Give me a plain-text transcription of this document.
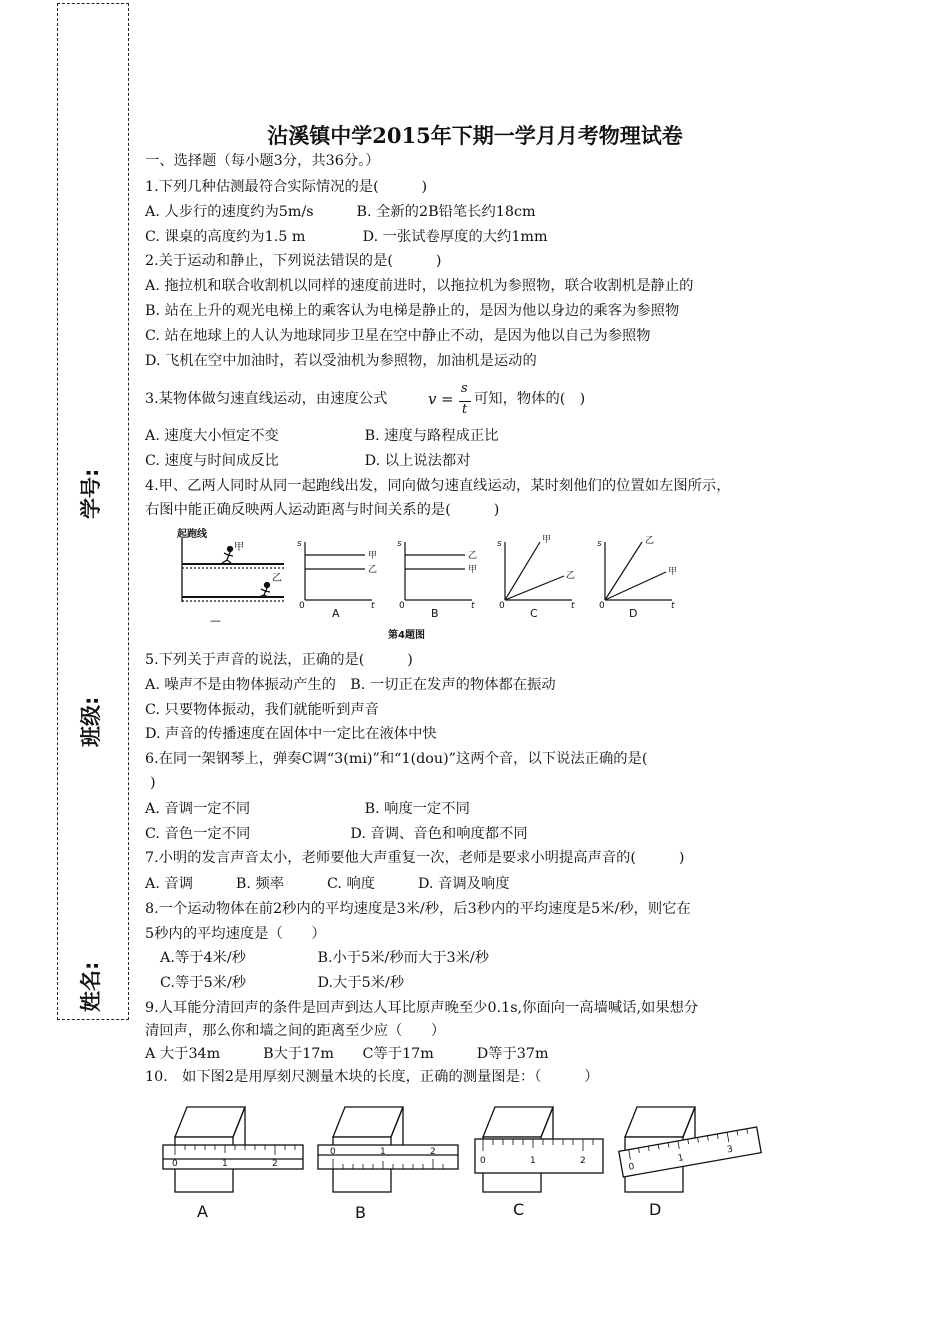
学号:
班级:
姓名:
沾溪镇中学2015年下期一学月月考物理试卷
一、选择题（每小题3分，共36分。）
1.下列几种估测最符合实际情况的是(　　　)
A. 人步行的速度约为5m/s　　　B. 全新的2B铅笔长约18cm
C. 课桌的高度约为1.5 m　　　　D. 一张试卷厚度的大约1mm
2.关于运动和静止，下列说法错误的是(　　　)
A. 拖拉机和联合收割机以同样的速度前进时，以拖拉机为参照物，联合收割机是静止的
B. 站在上升的观光电梯上的乘客认为电梯是静止的，是因为他以身边的乘客为参照物
C. 站在地球上的人认为地球同步卫星在空中静止不动，是因为他以自己为参照物
D. 飞机在空中加油时，若以受油机为参照物，加油机是运动的
3.某物体做匀速直线运动，由速度公式	v =
s
t
可知，物体的(　)
A. 速度大小恒定不变　　　　　　B. 速度与路程成正比
C. 速度与时间成反比　　　　　　D. 以上说法都对
4.甲、乙两人同时从同一起跑线出发，同向做匀速直线运动，某时刻他们的位置如左图所示，
右图中能正确反映两人运动距离与时间关系的是(　　　)
起跑线
甲
乙
—
s
0	t
甲
乙
A
s
0	t
乙
甲
B
s
0	t
甲
乙
C
s
0	t
乙
甲
D
第4题图
5.下列关于声音的说法，正确的是(　　　)
A. 噪声不是由物体振动产生的　B. 一切正在发声的物体都在振动
C. 只要物体振动，我们就能听到声音
D. 声音的传播速度在固体中一定比在液体中快
6.在同一架钢琴上，弹奏C调“3(mi)”和“1(dou)”这两个音，以下说法正确的是(
)
A. 音调一定不同　　　　　　　　B. 响度一定不同
C. 音色一定不同　　　　　　　D. 音调、音色和响度都不同
7.小明的发言声音太小，老师要他大声重复一次，老师是要求小明提高声音的(　　　)
A. 音调　　　B. 频率　　　C. 响度　　　D. 音调及响度
8.一个运动物体在前2秒内的平均速度是3米/秒，后3秒内的平均速度是5米/秒，则它在
5秒内的平均速度是（　　）
A.等于4米/秒　　　　　B.小于5米/秒而大于3米/秒
C.等于5米/秒　　　　　D.大于5米/秒
9.人耳能分清回声的条件是回声到达人耳比原声晚至少0.1s,你面向一高墙喊话,如果想分
清回声，那么你和墙之间的距离至少应（　　）
A 大于34m　　　B大于17m　　C等于17m　　　D等于37m
10.　如下图2是用厚刻尺测量木块的长度，正确的测量图是：（　　　）
0	1	2
A
0	1	2
B
0	1	2
C
0
1
3
D
